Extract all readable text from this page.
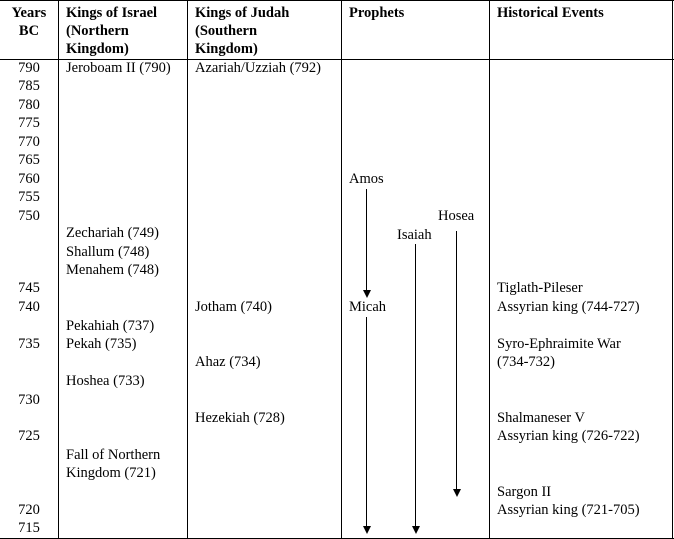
Years BC
Kings of Israel (Northern Kingdom)
Kings of Judah (Southern Kingdom)
Prophets	Historical Events
790
785
780
775
770
765
760
755
750
745
740
735
730
725
720
715
Jeroboam II (790)
Zechariah (749)
Shallum (748)
Menahem (748)
Pekahiah (737)
Pekah (735)
Hoshea (733)
Fall of Northern
Kingdom (721)
Azariah/Uzziah (792)
Jotham (740)
Ahaz (734)
Hezekiah (728)
Amos
Hosea
Isaiah
Micah
Tiglath-Pileser
Assyrian king (744-727)
Syro-Ephraimite War
(734-732)
Shalmaneser V
Assyrian king (726-722)
Sargon II
Assyrian king (721-705)
